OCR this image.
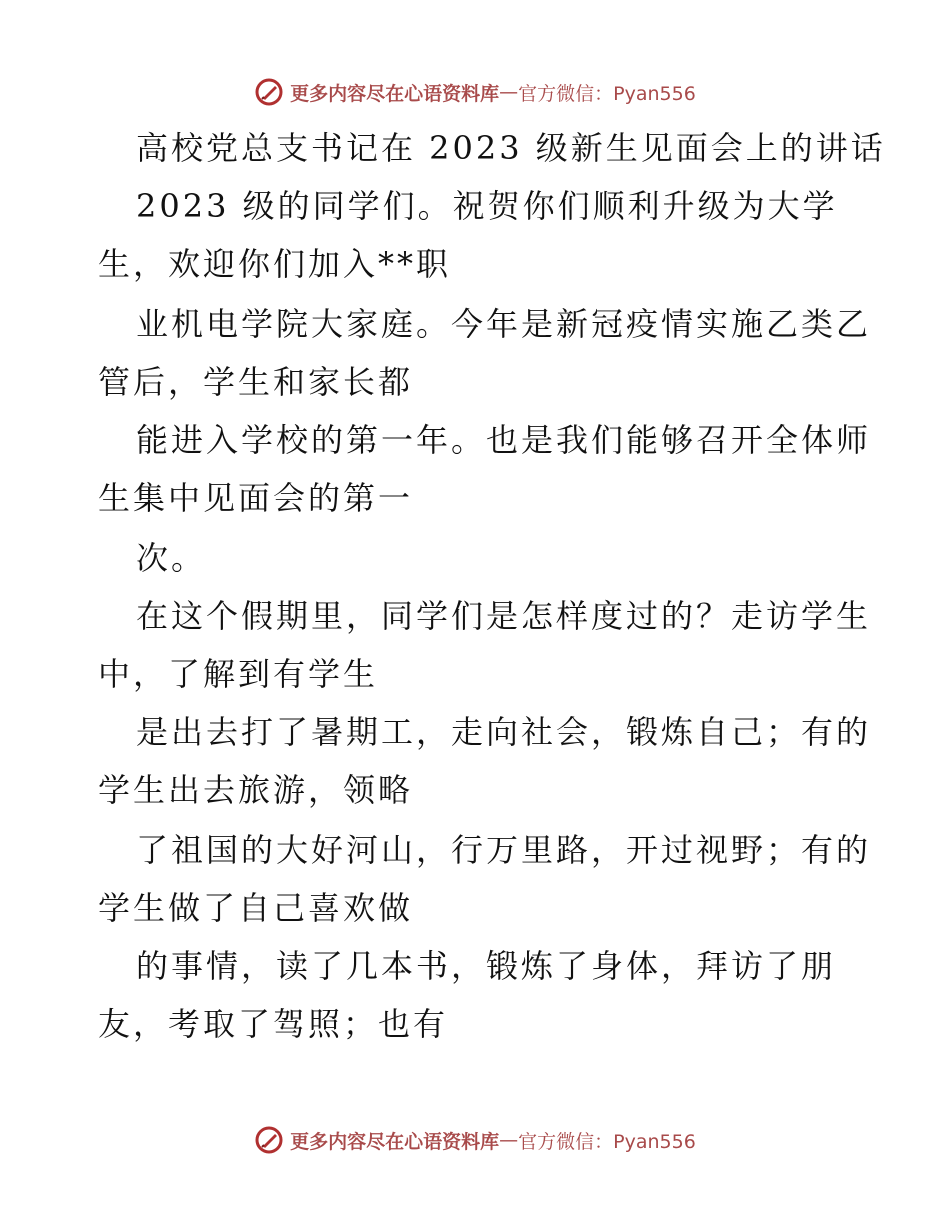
更多内容尽在心语资料库 — 官方微信：Pyan556
高校党总支书记在 2023 级新生见面会上的讲话
2023 级的同学们。祝贺你们顺利升级为大学
生，欢迎你们加入**职
业机电学院大家庭。今年是新冠疫情实施乙类乙
管后，学生和家长都
能进入学校的第一年。也是我们能够召开全体师
生集中见面会的第一
次。
在这个假期里，同学们是怎样度过的？走访学生
中，了解到有学生
是出去打了暑期工，走向社会，锻炼自己；有的
学生出去旅游，领略
了祖国的大好河山，行万里路，开过视野；有的
学生做了自己喜欢做
的事情，读了几本书，锻炼了身体，拜访了朋
友，考取了驾照；也有
更多内容尽在心语资料库 — 官方微信：Pyan556
